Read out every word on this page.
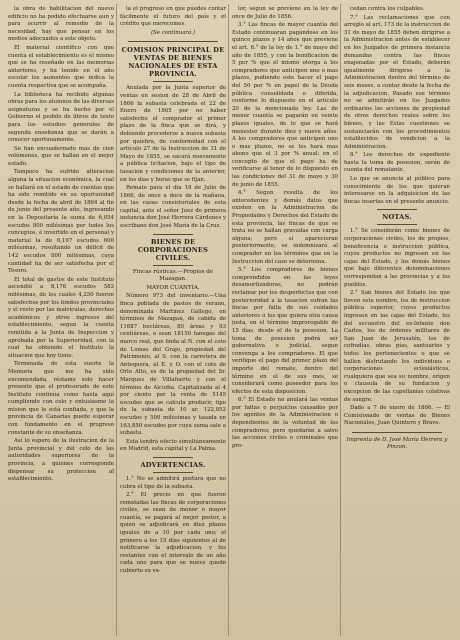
la obra de habilitacion del nuevo edificio no ha podido efectuarse aun y para ocurrir al remedio de la necesidad, hay que pensar en los medios adecuados a este objeto.

El material científico con que cuenta el establecimiento es el mismo que se ha reseñado en las memorias anteriores, y ha tenido en el año escolar los aumentos que indica la cuenta respectiva que se acompaña.

La biblioteca ha recibido algunas obras para los alumnos de las diversas asignaturas y se ha hecho por el Gobierno el pedido de libros de texto para los estudios generales de segunda enseñanza que se darán a conocer oportunamente.

Se han encuadernado mas de cien volúmenes, que se hallan en el mejor estado.

Tampoco ha sufrido alteracion alguna la situacion económica, la cual se hallará en el estado de cuentas que ha sido remitido en su oportunidad desde la fecha de abril de 1864 al fin de junio del presente año, ingresando en la Depositaría la suma de 6,054 escudos 800 milésimas por todos los conceptos, é invertido en el personal y material la de 6,197 escudos 600 milésimas, resultando un déficit de 142 escudos 800 milésimas, cuya cantidad ha de ser satisfecha por el Tesoro.

El total de gastos de este Instituto ascendió a 8,176 escudos 582 milésimas, de los cuales 4,250 fueron satisfechos por los fondos provinciales y el resto por las matrículas, derechos académicos y otros ingresos del establecimiento, segun la cuenta remitida a la Junta de Inspeccion y aprobada por la Superioridad, con la cual ha obtenido el Instituto la situacion que hoy tiene.

Terminada de esta suerte la Memoria que me ha sido encomendada, réstame solo hacer presente que el profesorado de este Instituto continúa como hasta aquí cumpliendo con celo y entusiasmo la mision que le está confiada, y que la provincia de Canarias puede esperar con fundamento en el progreso constante de su enseñanza.

Así lo espero de la ilustracion de la Junta provincial y del celo de las autoridades superiores de la provincia, a quienes corresponde dispensar su proteccion al establecimiento.

la el progreso en que puedes contar fácilmente el futuro del país y el crédito que merecemos.

(Se continuará.)

COMISION PRINCIPAL DE VENTAS DE BIENES NACIONALES DE ESTA PROVINCIA.

Anulada por la Junta superior de ventas en sesion de 28 de Abril de 1866 la subasta celebrada el 22 de Enero de 1865 por no haber satisfecho el comprador el primer plazo de la finca que se dirá, y debiendo procederse a nueva subasta por quiebra, de conformidad con el artículo 27 de la Instruccion de 31 de Mayo de 1855, se sacará nuevamente a pública licitacion, bajo el tipo de tasacion y condiciones de la anterior, en los dias y horas que se fijan.

Remate para el dia 19 de Julio de 1866, de once a doce de la mañana, en las casas consistoriales de esta capital, ante el señor Juez de primera instancia don José Herrera Cárdenes y escribano don José María de la Cruz.

BIENES DE CORPORACIONES CIVILES.

Fincas rústicas.—Propios de Mazagan.

MAYOR CUANTIA.

Número 973 del inventario.—Una finca poblada de pastos de verano, denominada Martinez Gallego, en términos de Mazagan, de cabida de 11687 hectáreas, 80 áreas y 93 centiáreas, o sean 18150 fanegas del marco real, que linda al N. con el coto de Lomas del Grajo, propiedad del Patrimonio, al S. con la carretera de Antequera, al E. y O. con el coto de Orlo Alto, es de la propiedad del Sr. Marques de Villafuerte y con el término de Alcudia. Capitalizada al 4 por ciento por la renta de 5145 escudos que se calcula producir, tipo de la subasta de 10 ar. 122,052 escudos y 500 milésimas y tasada en 163,850 escudos por cuya suma sale a subasta.

Esta tendrá efecto simultáneamente en Madrid, esta capital y La Palma.

ADVERTENCIAS.

1.° No se admitirá postura que no cubra el tipo de la subasta.

2.° El precio en que fueron rematadas las fincas de corporaciones civiles, se sean de menor o mayor cuantía, se pagará al mejor postor, a quien se adjudicará en diez plazos iguales de a 10 por cada uno; el primero a los 15 días siguientes al de notificarse la adjudicacion, y los restantes con el intervalo de un año cada uno para que se nueve quede cubierto su va-

lor, segun se previene en la ley de once de Julio de 1856.

3.° Las fincas de mayor cuantía del Estado continuaran pagándose en los quince plazos y 14 años que previene el art. 6.° de la ley de 1.° de mayo del año de 1855, y con la bonificacion de 5 por % que el mismo otorga a los compradores que anticipen uno o mas plazos, pudiendo este hacer el pago del 50 por % en papel de la Deuda pública consolidada o diferida, conforme lo dispuesto en el artículo 20 de la mencionada ley. Las de menor cuantía se pagarán en veinte plazos iguales, de lo que se hará menester durante diez y nueve años. A los compradores que anticipen uno o mas plazos, no se les hará mas abono que el 3 por % anual; en el concepto de que el pago ha de verificarse al tenor de lo dispuesto en las condiciones del 31 de mayo y 30 de junio de 1855.

4.° Segun resulta de los antecedentes y demás datos que existen en la Administracion de Propiedades y Derechos del Estado de esta provincia, las fincas de que se trata no se hallan gravadas con carga alguna; pero si aparecieran posteriormente, se indemnizará al comprador en los términos que en la Instruccion del caso se determina.

5.° Los compradores de bienes comprendidos en las leyes desamortizadoras, no podrán reclamar por los desperfectos que con posterioridad a la tasacion sufran las fincas por falta de sus cuidados anteriores o los que quiera otra causa justa, en el término improrogable de 15 días, desde el de la posesion. La toma de posesion podrá ser gubernativa o judicial, segun convenga a los compradores. El que verifique el pago del primer plazo del importe del remate, dentro del término en el de sus mes, se considerará como poseedor para los efectos de esta disposicion.

6.° El Estado no anulará las ventas por faltas o perjuicios causados por los agentes de la Administracion o dependientes de la voluntad de los compradores; pero quedarán a salvo las acciones civiles o criminales que pro-

cedan contra los culpables.

7.° Las reclamaciones que con arreglo al art. 173 de la instruccion de 31 de mayo de 1855 deben dirigirse a la Administracion antes de establecer en los Juzgados de primera instancia demandas contra las fincas enajenadas por el Estado, deberán igualmente dirigirse a la Administracion dentro del término de seis meses, a contar desde la fecha de la adjudicacion. Pasado ese término no se admitirán en los Juzgados ordinarios las acciones de propiedad de otros derechos reales sobre los bienes, y las Estas cuestiones se sustanciarán con los procedimientos establecidos de vendicion a la Administracion.

8.° Los derechos de expediente hasta la toma de posesion, serán de cuenta del rematante.

Lo que se anuncia al público para conocimiento de los que quieran interesarse en la adquisicion de las fincas insertas en el presente anuncio.

NOTAS.

1.° Se considerán como bienes de corporaciones civiles, los de propios, beneficencia e instruccion pública, cuyos productos no ingresen en las cajas del Estado, y los demás bienes que bajo diferentes denominaciones correspondan a las provincias y a los pueblos.

2.° Son bienes del Estado los que lleven este nombre, los de instruccion pública superior, cuyos productos ingresen en las cajas del Estado, los del secuestro del ex-Infante don Carlos, los de órdenes militares de San Juan de Jerusalén, los de cofradías, obras pías, santuarios y todos los pertenecientes o que se hallen disfrutando los individuos o corporaciones eclesiásticos, cualquiera que sea su nombre, origen o clausula de su fundacion y excepcion de las capellanías colativas de sangre.

Dado a 7 de enero de 1866. — El Comisionado de ventas de Bienes Nacionales, Juan Quintero y Bravo.

Imprenta de D. José María Herrera y Pinzon.
